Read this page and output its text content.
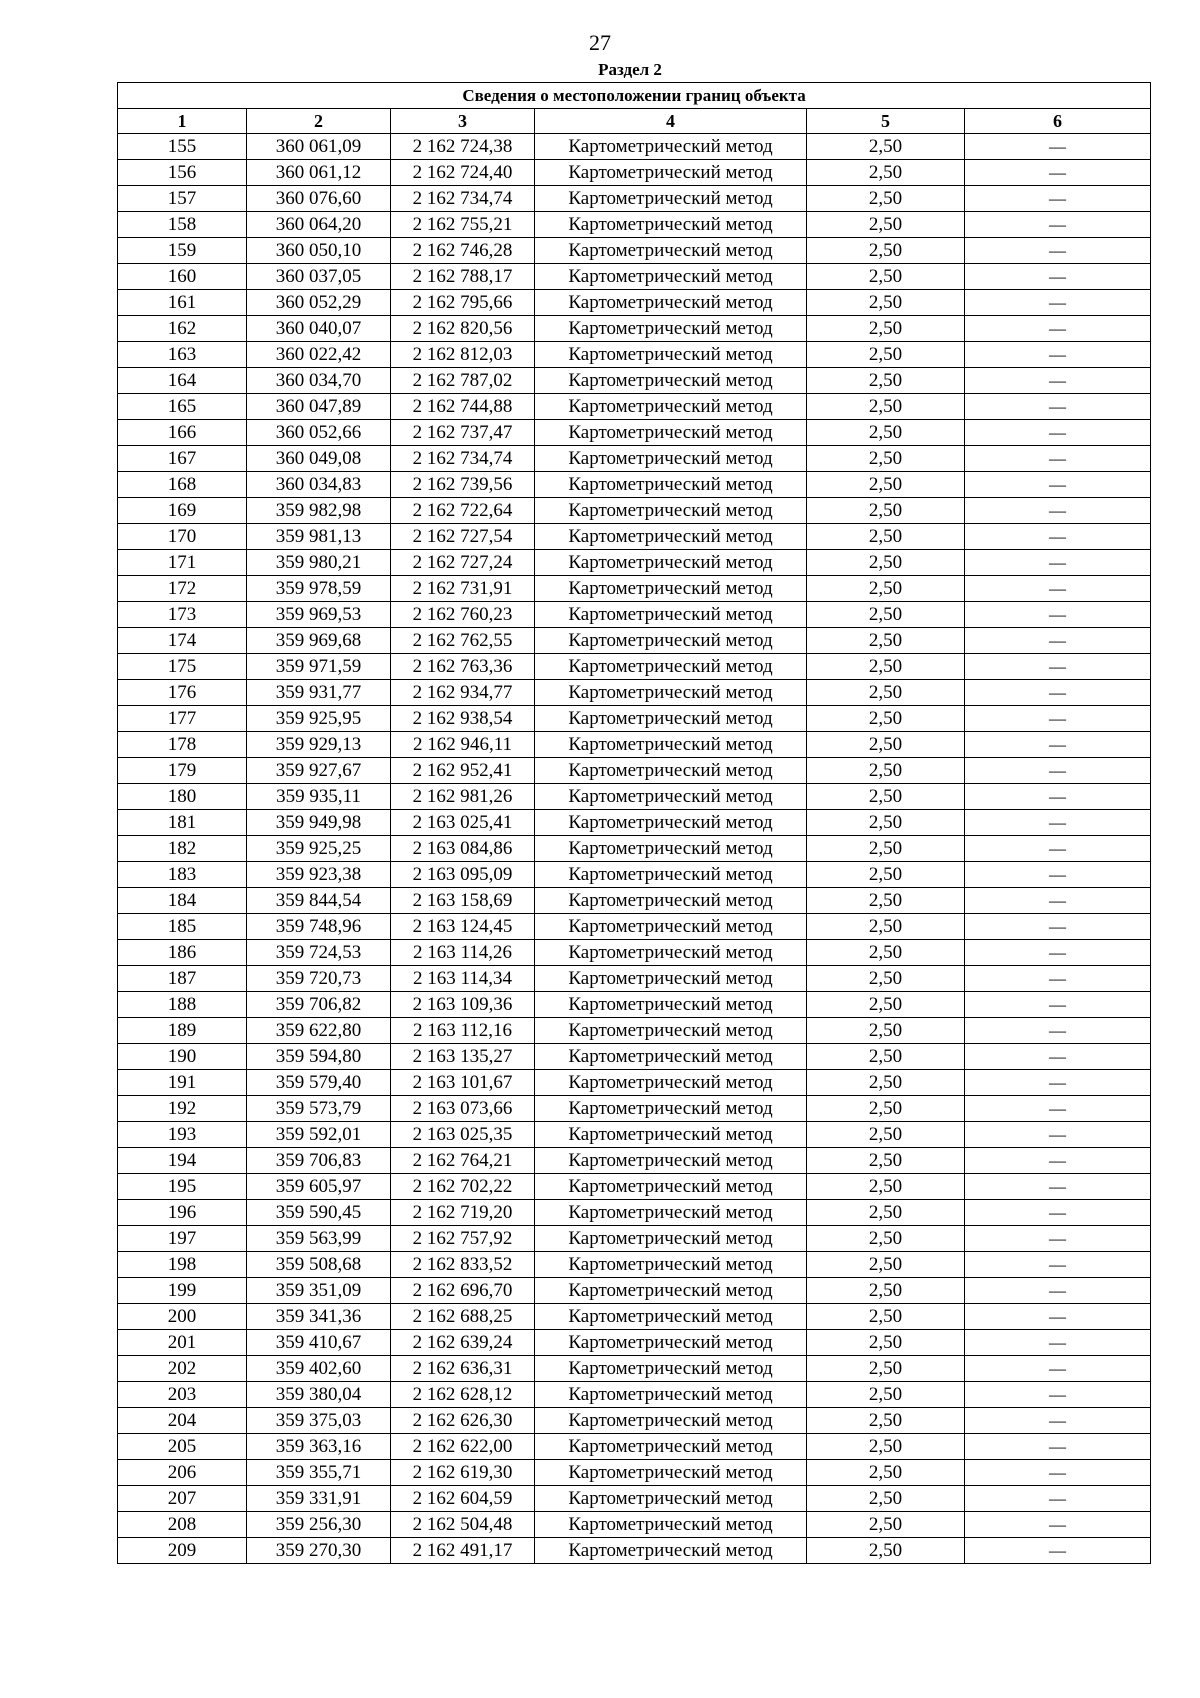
27
Раздел 2
Сведения о местоположении границ объекта					
1	2	3	4	5	6
155	360 061,09	2 162 724,38	Картометрический метод	2,50	—
156	360 061,12	2 162 724,40	Картометрический метод	2,50	—
157	360 076,60	2 162 734,74	Картометрический метод	2,50	—
158	360 064,20	2 162 755,21	Картометрический метод	2,50	—
159	360 050,10	2 162 746,28	Картометрический метод	2,50	—
160	360 037,05	2 162 788,17	Картометрический метод	2,50	—
161	360 052,29	2 162 795,66	Картометрический метод	2,50	—
162	360 040,07	2 162 820,56	Картометрический метод	2,50	—
163	360 022,42	2 162 812,03	Картометрический метод	2,50	—
164	360 034,70	2 162 787,02	Картометрический метод	2,50	—
165	360 047,89	2 162 744,88	Картометрический метод	2,50	—
166	360 052,66	2 162 737,47	Картометрический метод	2,50	—
167	360 049,08	2 162 734,74	Картометрический метод	2,50	—
168	360 034,83	2 162 739,56	Картометрический метод	2,50	—
169	359 982,98	2 162 722,64	Картометрический метод	2,50	—
170	359 981,13	2 162 727,54	Картометрический метод	2,50	—
171	359 980,21	2 162 727,24	Картометрический метод	2,50	—
172	359 978,59	2 162 731,91	Картометрический метод	2,50	—
173	359 969,53	2 162 760,23	Картометрический метод	2,50	—
174	359 969,68	2 162 762,55	Картометрический метод	2,50	—
175	359 971,59	2 162 763,36	Картометрический метод	2,50	—
176	359 931,77	2 162 934,77	Картометрический метод	2,50	—
177	359 925,95	2 162 938,54	Картометрический метод	2,50	—
178	359 929,13	2 162 946,11	Картометрический метод	2,50	—
179	359 927,67	2 162 952,41	Картометрический метод	2,50	—
180	359 935,11	2 162 981,26	Картометрический метод	2,50	—
181	359 949,98	2 163 025,41	Картометрический метод	2,50	—
182	359 925,25	2 163 084,86	Картометрический метод	2,50	—
183	359 923,38	2 163 095,09	Картометрический метод	2,50	—
184	359 844,54	2 163 158,69	Картометрический метод	2,50	—
185	359 748,96	2 163 124,45	Картометрический метод	2,50	—
186	359 724,53	2 163 114,26	Картометрический метод	2,50	—
187	359 720,73	2 163 114,34	Картометрический метод	2,50	—
188	359 706,82	2 163 109,36	Картометрический метод	2,50	—
189	359 622,80	2 163 112,16	Картометрический метод	2,50	—
190	359 594,80	2 163 135,27	Картометрический метод	2,50	—
191	359 579,40	2 163 101,67	Картометрический метод	2,50	—
192	359 573,79	2 163 073,66	Картометрический метод	2,50	—
193	359 592,01	2 163 025,35	Картометрический метод	2,50	—
194	359 706,83	2 162 764,21	Картометрический метод	2,50	—
195	359 605,97	2 162 702,22	Картометрический метод	2,50	—
196	359 590,45	2 162 719,20	Картометрический метод	2,50	—
197	359 563,99	2 162 757,92	Картометрический метод	2,50	—
198	359 508,68	2 162 833,52	Картометрический метод	2,50	—
199	359 351,09	2 162 696,70	Картометрический метод	2,50	—
200	359 341,36	2 162 688,25	Картометрический метод	2,50	—
201	359 410,67	2 162 639,24	Картометрический метод	2,50	—
202	359 402,60	2 162 636,31	Картометрический метод	2,50	—
203	359 380,04	2 162 628,12	Картометрический метод	2,50	—
204	359 375,03	2 162 626,30	Картометрический метод	2,50	—
205	359 363,16	2 162 622,00	Картометрический метод	2,50	—
206	359 355,71	2 162 619,30	Картометрический метод	2,50	—
207	359 331,91	2 162 604,59	Картометрический метод	2,50	—
208	359 256,30	2 162 504,48	Картометрический метод	2,50	—
209	359 270,30	2 162 491,17	Картометрический метод	2,50	—
